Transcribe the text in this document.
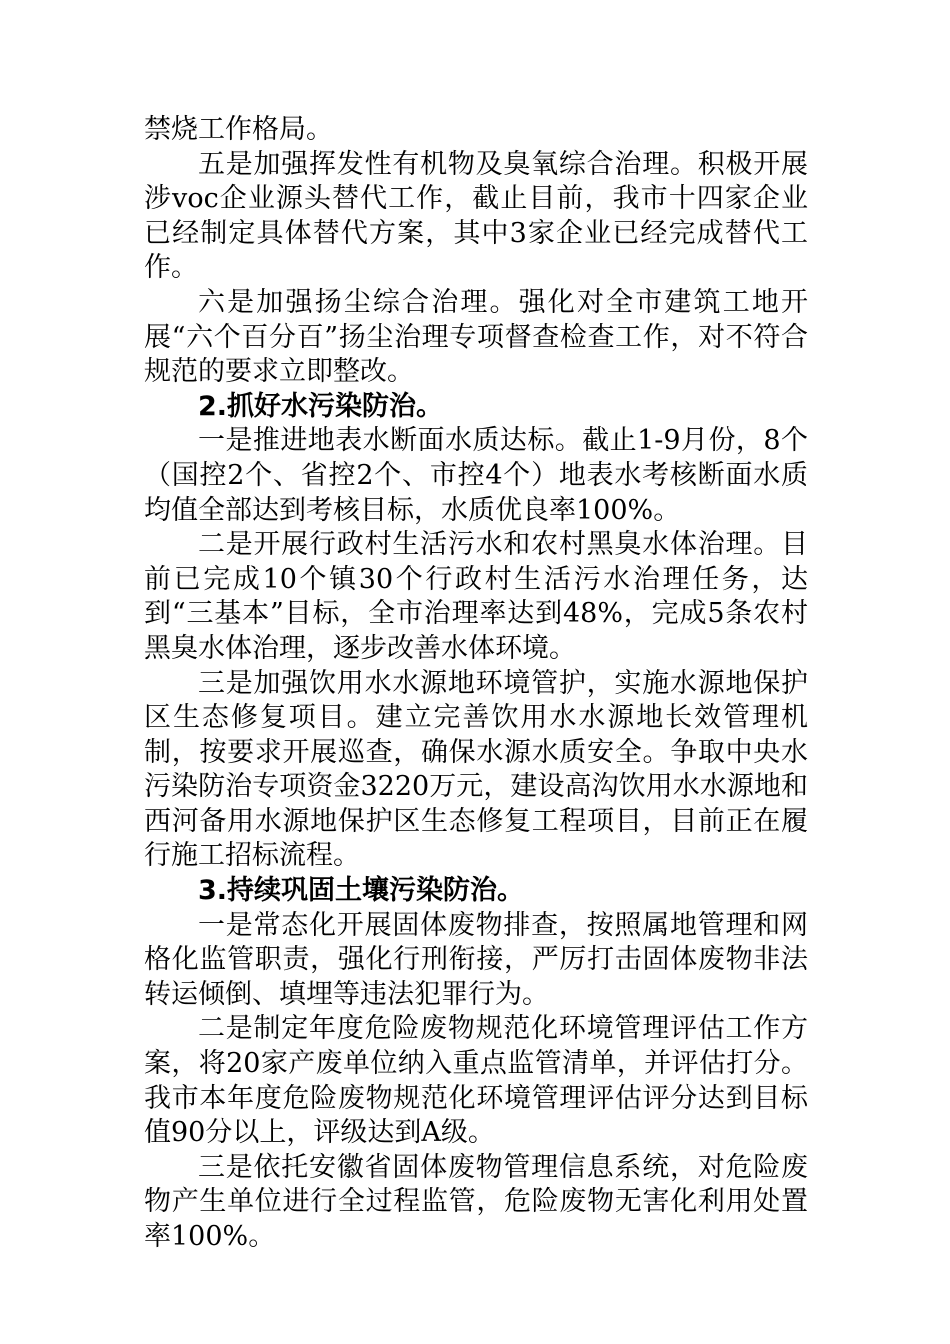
禁烧工作格局。

五是加强挥发性有机物及臭氧综合治理。积极开展涉voc企业源头替代工作，截止目前，我市十四家企业已经制定具体替代方案，其中3家企业已经完成替代工作。

六是加强扬尘综合治理。强化对全市建筑工地开展“六个百分百”扬尘治理专项督查检查工作，对不符合规范的要求立即整改。

2.抓好水污染防治。

一是推进地表水断面水质达标。截止1-9月份，8个（国控2个、省控2个、市控4个）地表水考核断面水质均值全部达到考核目标，水质优良率100%。

二是开展行政村生活污水和农村黑臭水体治理。目前已完成10个镇30个行政村生活污水治理任务，达到“三基本”目标，全市治理率达到48%，完成5条农村黑臭水体治理，逐步改善水体环境。

三是加强饮用水水源地环境管护，实施水源地保护区生态修复项目。建立完善饮用水水源地长效管理机制，按要求开展巡查，确保水源水质安全。争取中央水污染防治专项资金3220万元，建设高沟饮用水水源地和西河备用水源地保护区生态修复工程项目，目前正在履行施工招标流程。

3.持续巩固土壤污染防治。

一是常态化开展固体废物排查，按照属地管理和网格化监管职责，强化行刑衔接，严厉打击固体废物非法转运倾倒、填埋等违法犯罪行为。

二是制定年度危险废物规范化环境管理评估工作方案，将20家产废单位纳入重点监管清单，并评估打分。我市本年度危险废物规范化环境管理评估评分达到目标值90分以上，评级达到A级。

三是依托安徽省固体废物管理信息系统，对危险废物产生单位进行全过程监管，危险废物无害化利用处置率100%。
